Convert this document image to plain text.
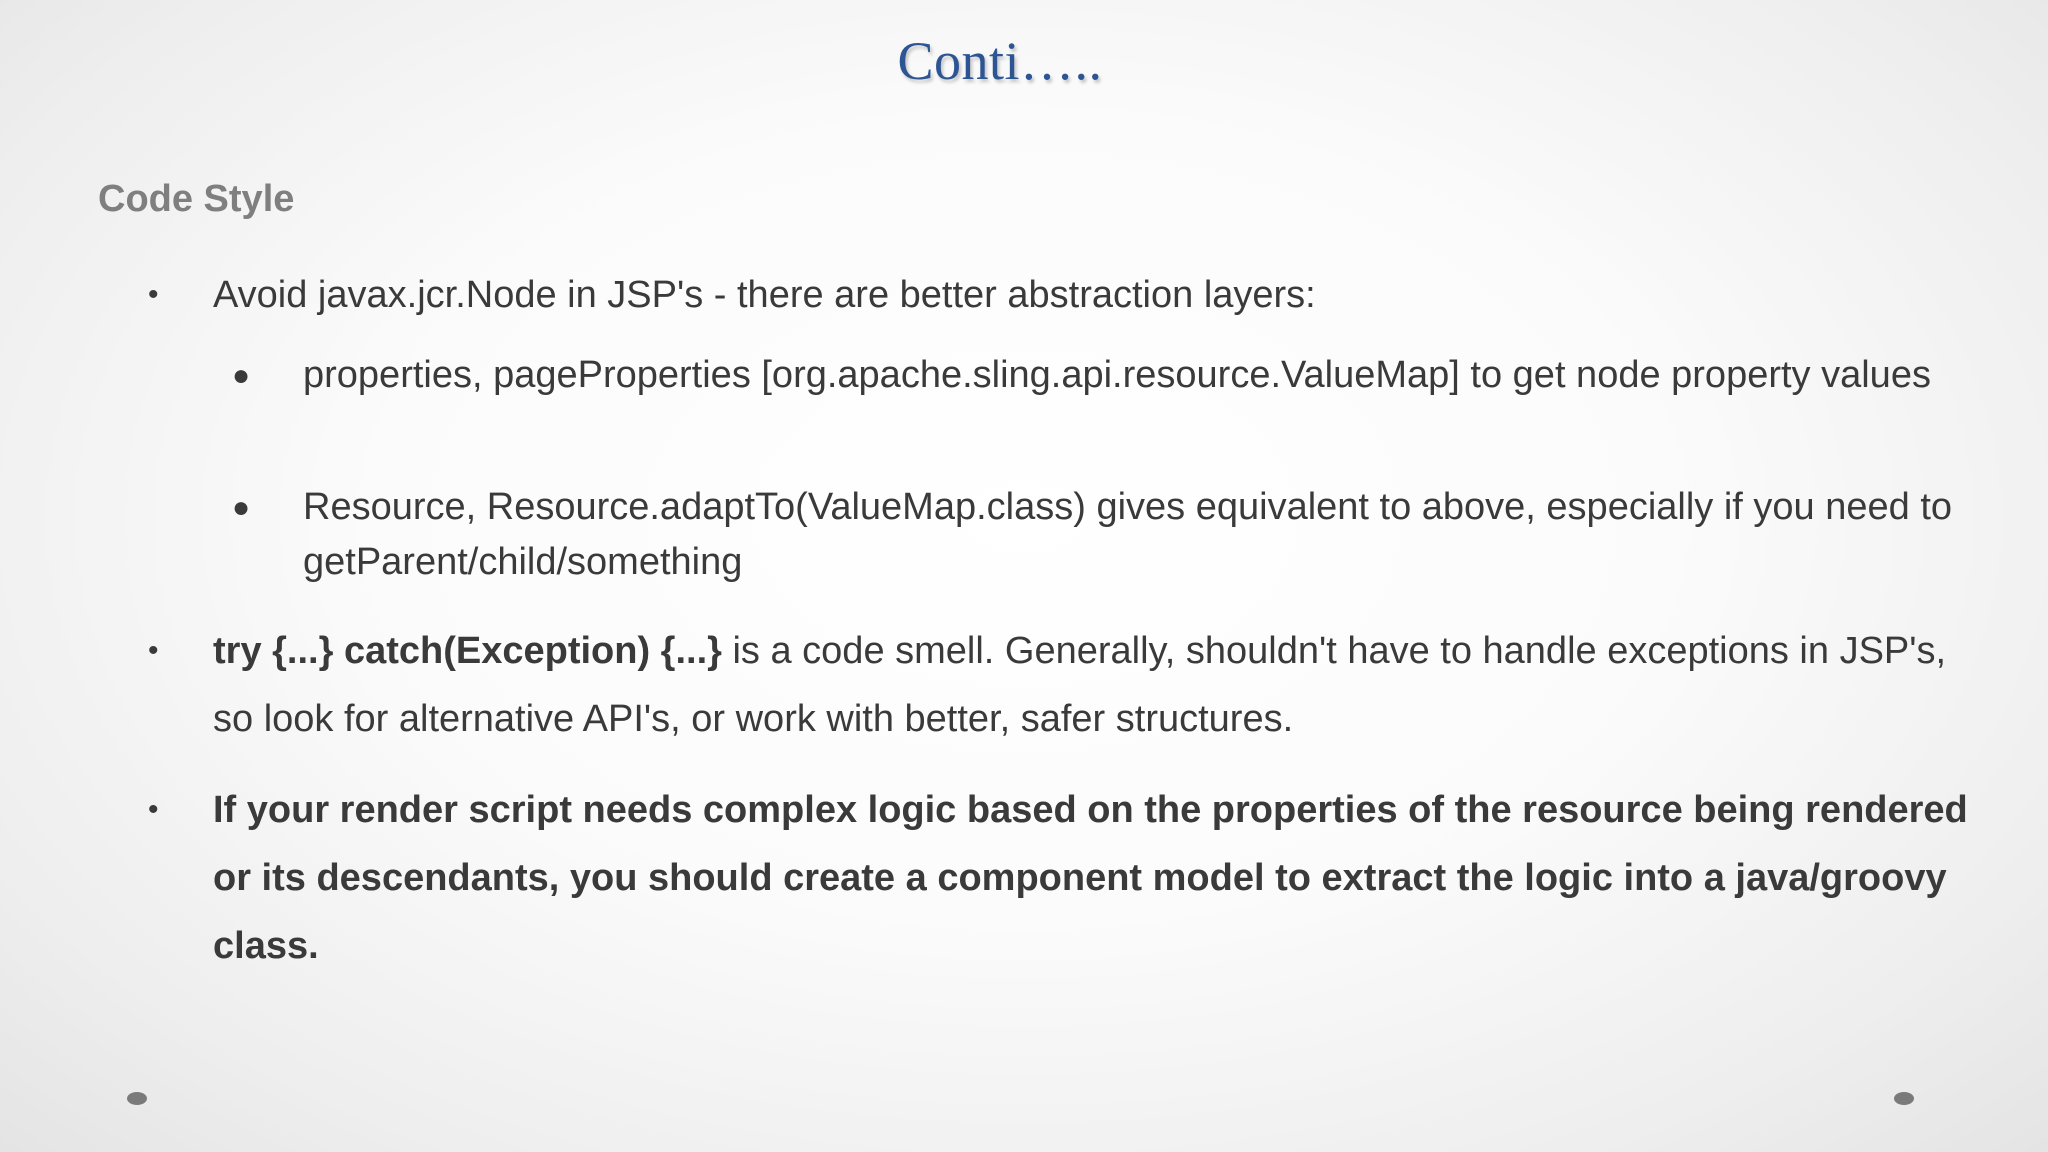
Conti…..
Code Style
• Avoid javax.jcr.Node in JSP's - there are better abstraction layers:
● properties, pageProperties [org.apache.sling.api.resource.ValueMap] to get node property values
● Resource, Resource.adaptTo(ValueMap.class) gives equivalent to above, especially if you need to getParent/child/something
• try {...} catch(Exception) {...} is a code smell. Generally, shouldn't have to handle exceptions in JSP's, so look for alternative API's, or work with better, safer structures.
• If your render script needs complex logic based on the properties of the resource being rendered or its descendants, you should create a component model to extract the logic into a java/groovy class.
